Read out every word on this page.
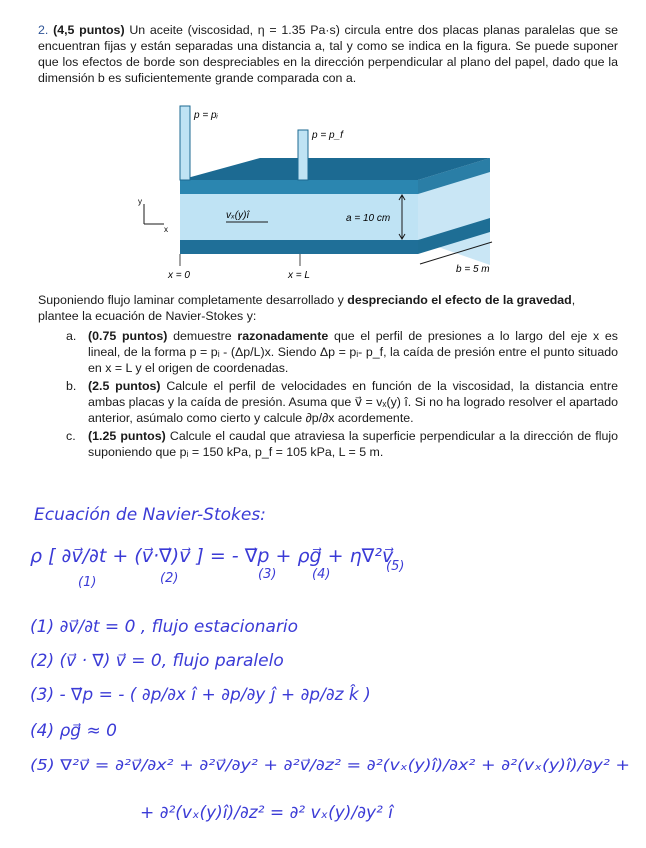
2. (4,5 puntos) Un aceite (viscosidad, η = 1.35 Pa·s) circula entre dos placas planas paralelas que se encuentran fijas y están separadas una distancia a, tal y como se indica en la figura. Se puede suponer que los efectos de borde son despreciables en la dirección perpendicular al plano del papel, dado que la dimensión b es suficientemente grande comparada con a.
p = pᵢ
p = p_f
vₓ(y)î	a = 10 cm
b = 5 m
x = 0	x = L
y
x
Suponiendo flujo laminar completamente desarrollado y despreciando el efecto de la gravedad, plantee la ecuación de Navier-Stokes y:
a. (0.75 puntos) demuestre razonadamente que el perfil de presiones a lo largo del eje x es lineal, de la forma p = pᵢ - (Δp/L)x. Siendo Δp = pᵢ- p_f, la caída de presión entre el punto situado en x = L y el origen de coordenadas.
b. (2.5 puntos) Calcule el perfil de velocidades en función de la viscosidad, la distancia entre ambas placas y la caída de presión. Asuma que v⃗ = vₓ(y) î. Si no ha logrado resolver el apartado anterior, asúmalo como cierto y calcule ∂p/∂x acordemente.
c. (1.25 puntos) Calcule el caudal que atraviesa la superficie perpendicular a la dirección de flujo suponiendo que pᵢ = 150 kPa, p_f = 105 kPa, L = 5 m.
Ecuación de Navier-Stokes:
ρ [ ∂v⃗/∂t + (v⃗·∇⃗)v⃗ ] = - ∇⃗p + ρg⃗ + η∇²v⃗
(1)	(2)	(3)	(4)
(5)
(1) ∂v⃗/∂t = 0 , flujo estacionario
(2) (v⃗ · ∇⃗) v⃗ = 0, flujo paralelo
(3) - ∇⃗p = - ( ∂p/∂x î + ∂p/∂y ĵ + ∂p/∂z k̂ )
(4) ρg⃗ ≈ 0
(5) ∇²v⃗ = ∂²v⃗/∂x² + ∂²v⃗/∂y² + ∂²v⃗/∂z² = ∂²(vₓ(y)î)/∂x² + ∂²(vₓ(y)î)/∂y² +
+ ∂²(vₓ(y)î)/∂z² = ∂² vₓ(y)/∂y² î
